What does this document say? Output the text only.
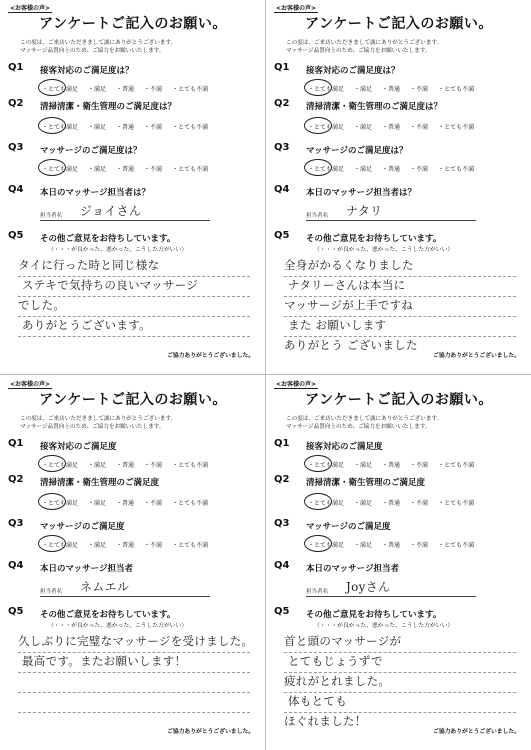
<お客様の声>
アンケートご記入のお願い。
この度は、ご来店いただきまして誠にありがとうございます。
マッサージ品質向上のため、ご協力をお願いいたします。
Q1 接客対応のご満足度は？
・とても満足 ・満足 ・普通 ・不満 ・とても不満
Q2 清掃清潔・衛生管理のご満足度は？
・とても満足 ・満足 ・普通 ・不満 ・とても不満
Q3 マッサージのご満足度は？
・とても満足 ・満足 ・普通 ・不満 ・とても不満
Q4 本日のマッサージ担当者は？
担当者名 ジョイさん
Q5 その他ご意見をお待ちしています。
（・・・が良かった、悪かった、こうした方がいい）
タイに行った時と同じ様な
ステキで気持ちの良いマッサージ
でした。
ありがとうございます。
ご協力ありがとうございました。
<お客様の声>
アンケートご記入のお願い。
この度は、ご来店いただきまして誠にありがとうございます。
マッサージ品質向上のため、ご協力をお願いいたします。
Q1 接客対応のご満足度は？
・とても満足 ・満足 ・普通 ・不満 ・とても不満
Q2 清掃清潔・衛生管理のご満足度は？
・とても満足 ・満足 ・普通 ・不満 ・とても不満
Q3 マッサージのご満足度は？
・とても満足 ・満足 ・普通 ・不満 ・とても不満
Q4 本日のマッサージ担当者は？
担当者名 ナタリ
Q5 その他ご意見をお待ちしています。
（・・・が良かった、悪かった、こうした方がいい）
全身がかるくなりました
ナタリーさんは本当に
マッサージが上手ですね
また お願いします
ありがとう ございました
ご協力ありがとうございました。
<お客様の声>
アンケートご記入のお願い。
この度は、ご来店いただきまして誠にありがとうございます。
マッサージ品質向上のため、ご協力をお願いいたします。
Q1 接客対応のご満足度
・とても満足 ・満足 ・普通 ・不満 ・とても不満
Q2 清掃清潔・衛生管理のご満足度
・とても満足 ・満足 ・普通 ・不満 ・とても不満
Q3 マッサージのご満足度
・とても満足 ・満足 ・普通 ・不満 ・とても不満
Q4 本日のマッサージ担当者
担当者名 ネムエル
Q5 その他ご意見をお待ちしています。
（・・・が良かった、悪かった、こうした方がいい）
久しぶりに完璧なマッサージを受けました。
最高です。またお願いします！
ご協力ありがとうございました。
<お客様の声>
アンケートご記入のお願い。
この度は、ご来店いただきまして誠にありがとうございます。
マッサージ品質向上のため、ご協力をお願いいたします。
Q1 接客対応のご満足度
・とても満足 ・満足 ・普通 ・不満 ・とても不満
Q2 清掃清潔・衛生管理のご満足度
・とても満足 ・満足 ・普通 ・不満 ・とても不満
Q3 マッサージのご満足度
・とても満足 ・満足 ・普通 ・不満 ・とても不満
Q4 本日のマッサージ担当者
担当者名 Joyさん
Q5 その他ご意見をお待ちしています。
（・・・が良かった、悪かった、こうした方がいい）
首と頭のマッサージが
とてもじょうずで
疲れがとれました。
体もとても
ほぐれました！
ご協力ありがとうございました。
